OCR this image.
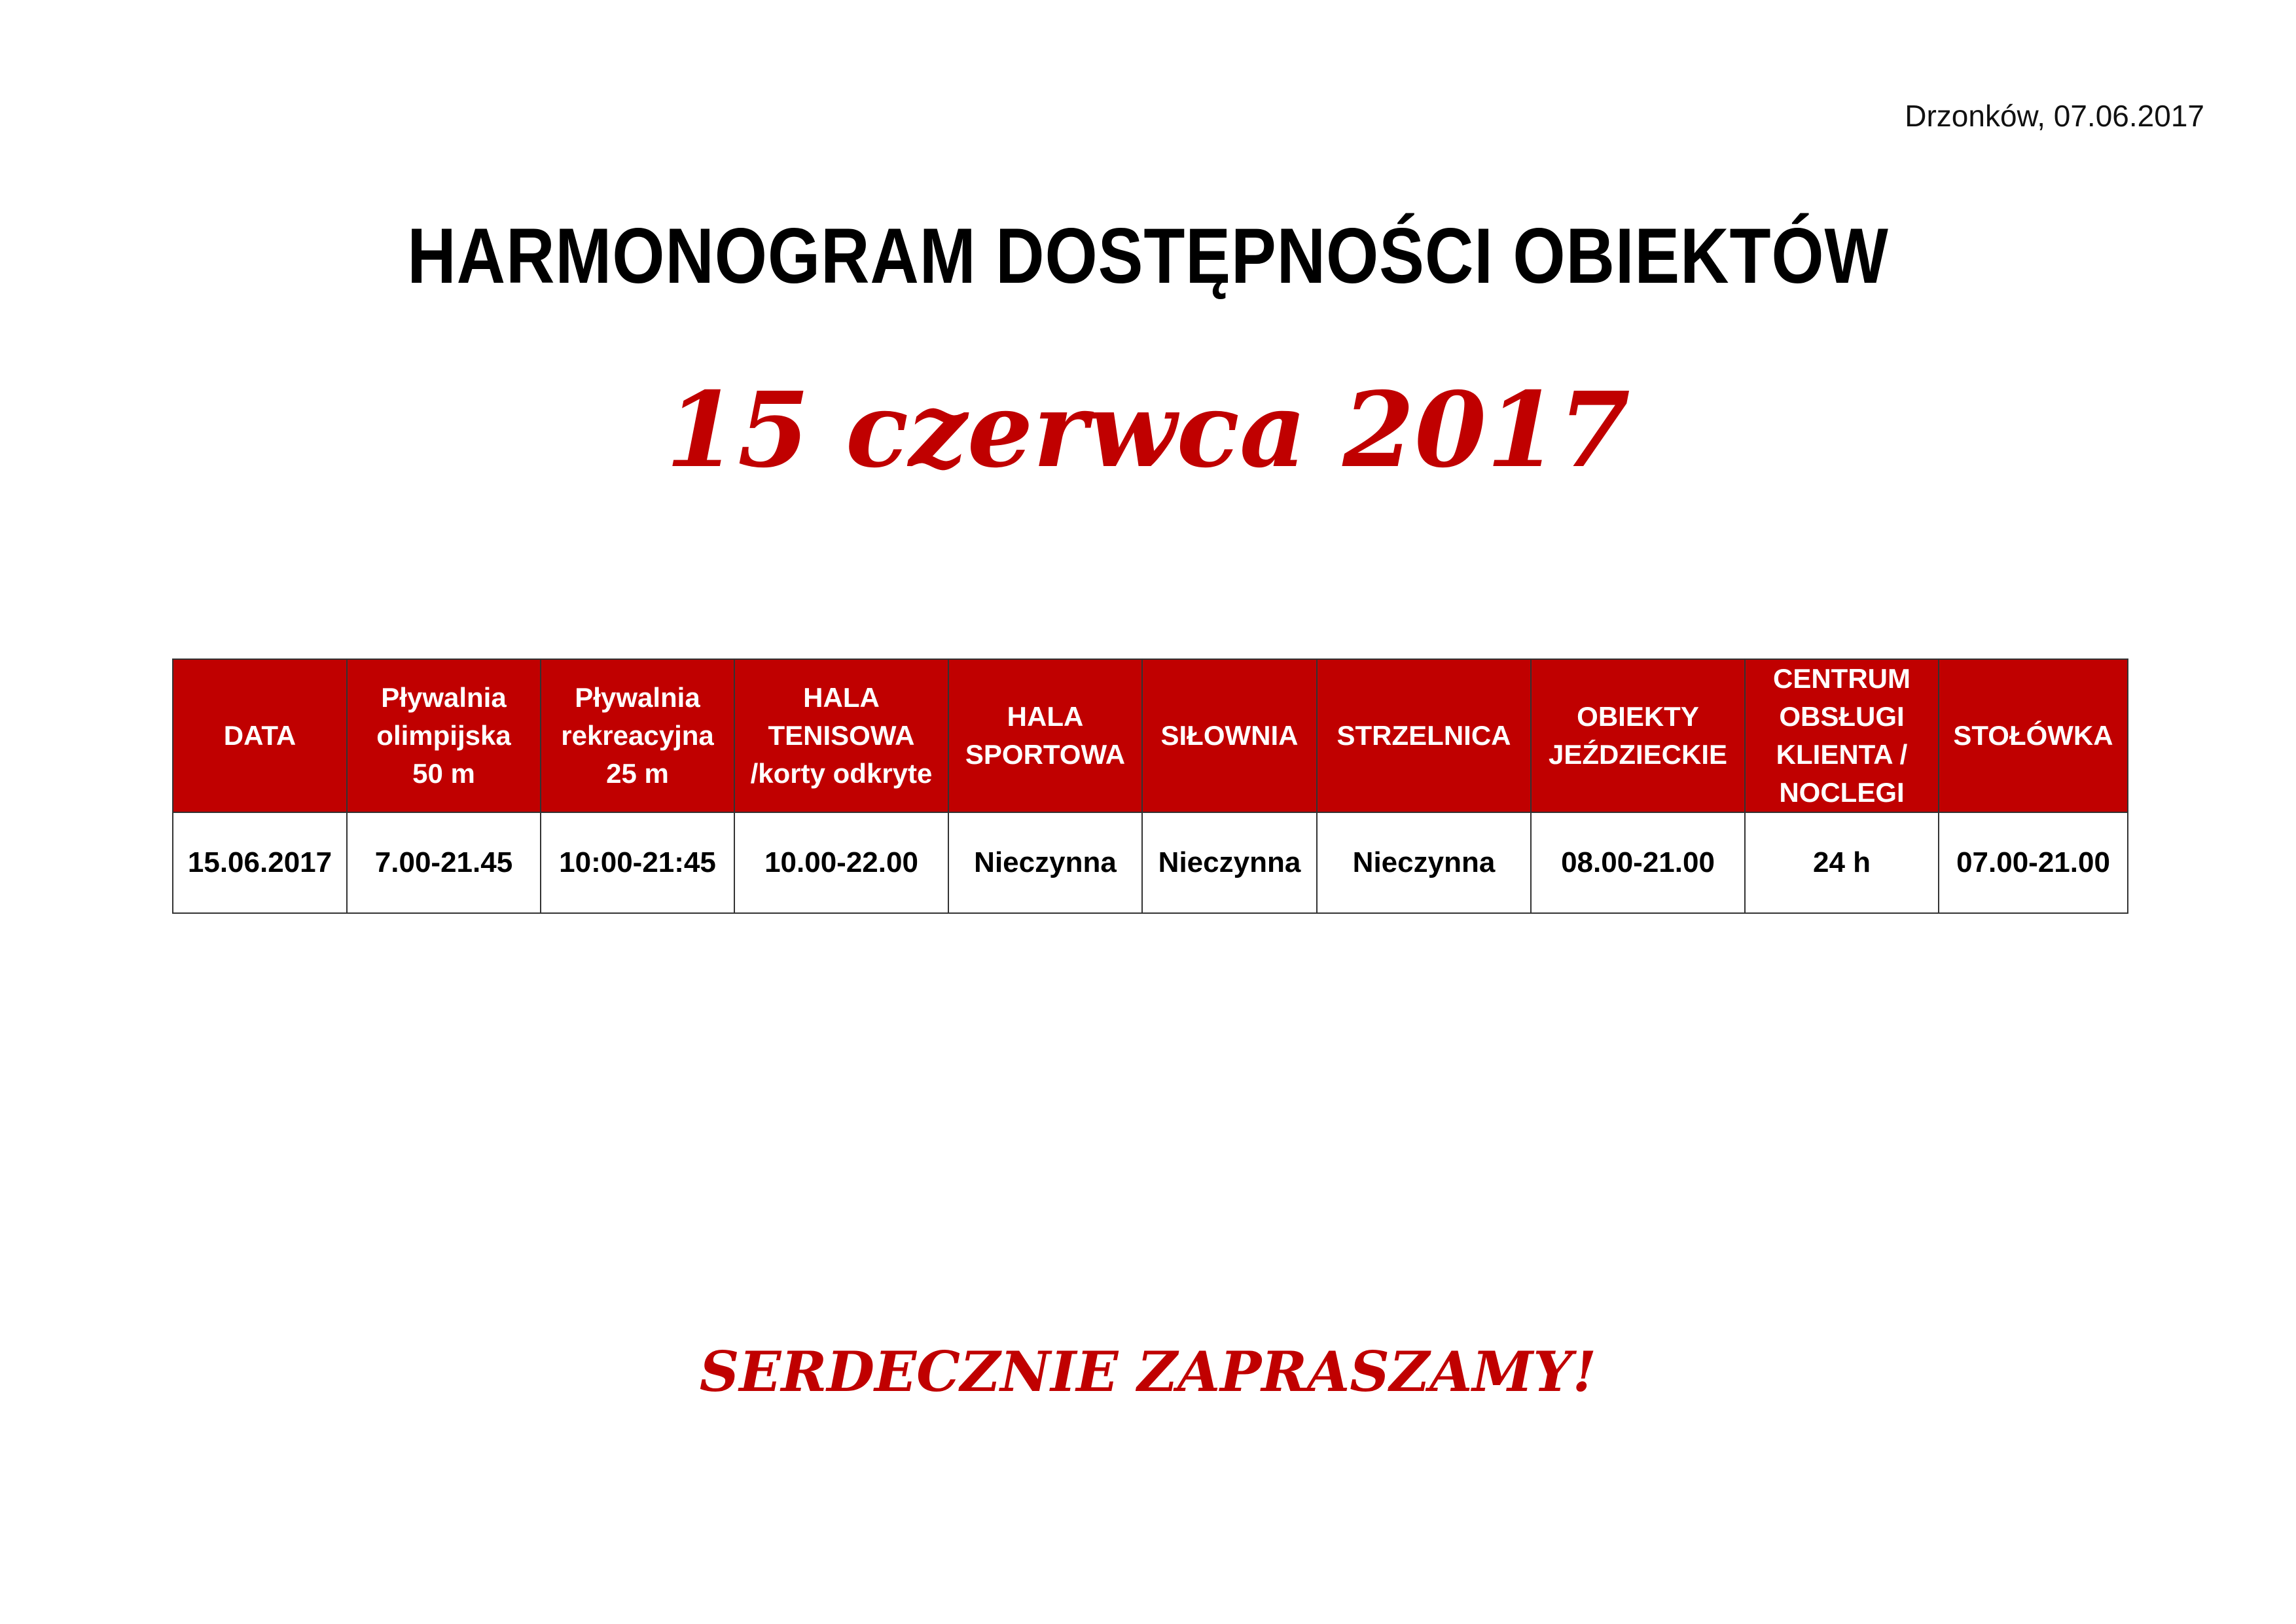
Drzonków, 07.06.2017
HARMONOGRAM DOSTĘPNOŚCI OBIEKTÓW
15 czerwca 2017
DATA	Pływalnia
olimpijska
50 m	Pływalnia
rekreacyjna
25 m	HALA
TENISOWA
/korty odkryte	HALA
SPORTOWA	SIŁOWNIA	STRZELNICA	OBIEKTY
JEŹDZIECKIE	CENTRUM
OBSŁUGI
KLIENTA /
NOCLEGI	STOŁÓWKA

15.06.2017	7.00-21.45	10:00-21:45	10.00-22.00	Nieczynna	Nieczynna	Nieczynna	08.00-21.00	24 h	07.00-21.00
SERDECZNIE ZAPRASZAMY!
